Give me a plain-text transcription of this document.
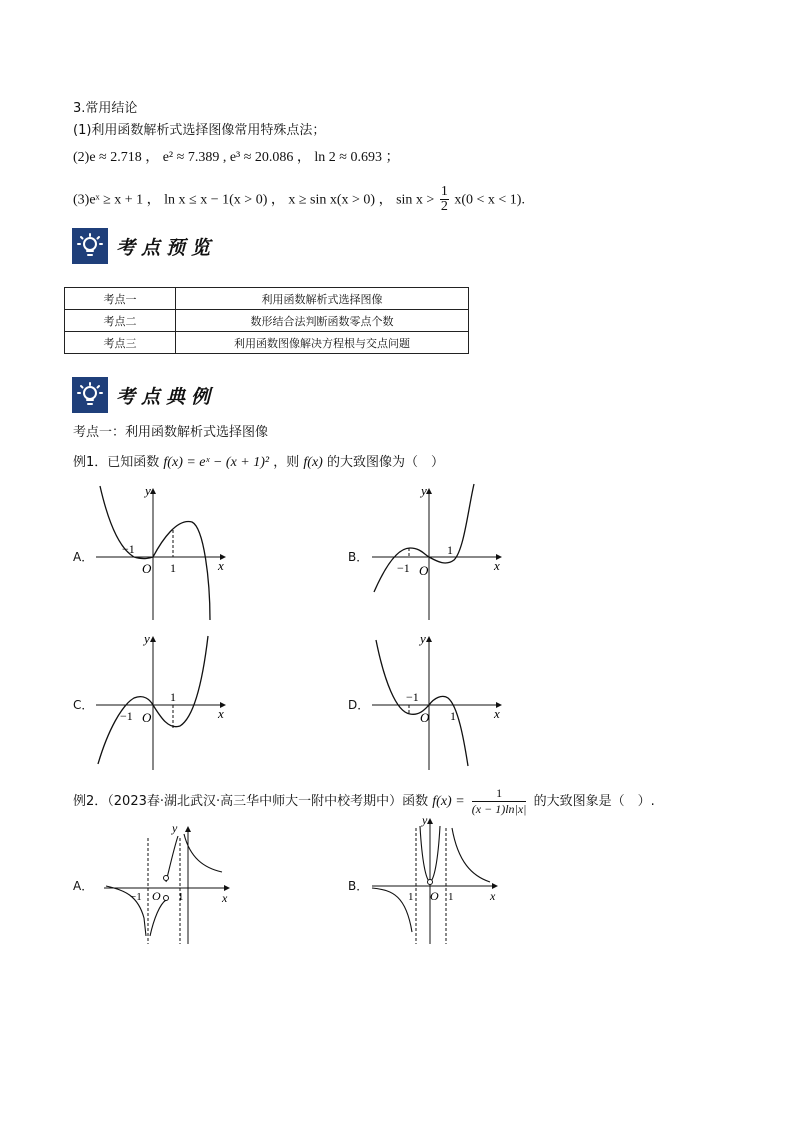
3.常用结论
(1)利用函数解析式选择图像常用特殊点法；
(2)e ≈ 2.718 ， e² ≈ 7.389 , e³ ≈ 20.086 ， ln 2 ≈ 0.693 ；
(3)eˣ ≥ x + 1 ， ln x ≤ x − 1(x > 0) ， x ≥ sin x(x > 0) ， $\sin x > \frac{1}{2} x(0 < x < 1)$.
考点预览
考点一	利用函数解析式选择图像
考点二	数形结合法判断函数零点个数
考点三	利用函数图像解决方程根与交点问题
考点典例
考点一：利用函数解析式选择图像
例1．已知函数 f(x) = eˣ − (x + 1)² ，则 f(x) 的大致图像为（　）
A．
y
x
O 1
−1
B．
y
x
O
1
−1
C．
y
x
O
1
−1
D．
y
x
O 1
−1
例2．（2023春·湖北武汉·高三华中师大一附中校考期中）函数 $f(x) = \frac{1}{(x - 1)\ln|x|}$ 的大致图象是（　）.
A．
y
x
O 1
−1
B．
y
x
O 1
1
